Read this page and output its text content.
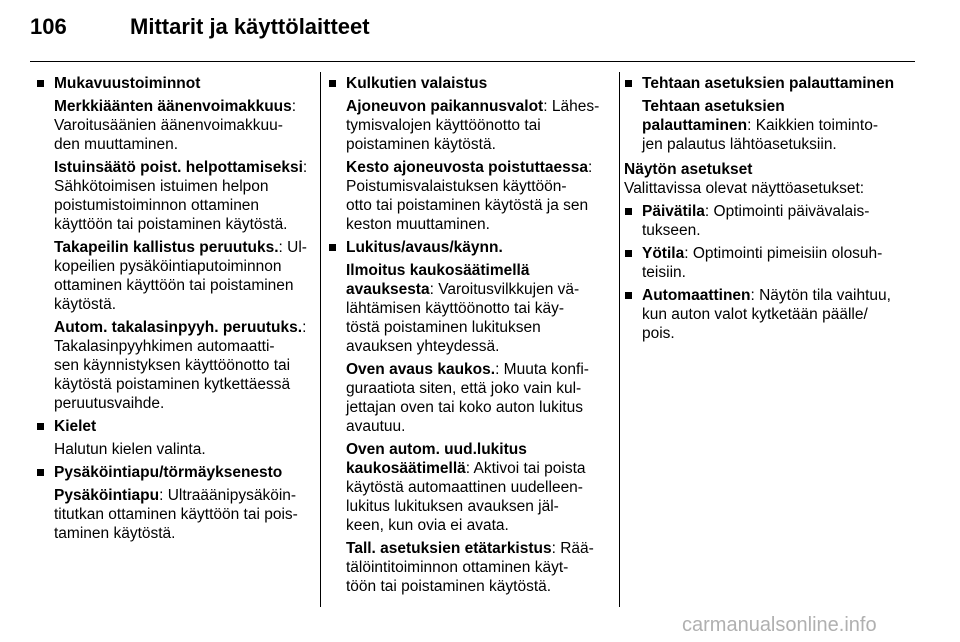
106	Mittarit ja käyttölaitteet
Mukavuustoiminnot
Merkkiäänten äänenvoimakkuus:
Varoitusäänien äänenvoimakkuu-
den muuttaminen.
Istuinsäätö poist. helpottamiseksi:
Sähkötoimisen istuimen helpon
poistumistoiminnon ottaminen
käyttöön tai poistaminen käytöstä.
Takapeilin kallistus peruutuks.: Ul-
kopeilien pysäköintiaputoiminnon
ottaminen käyttöön tai poistaminen
käytöstä.
Autom. takalasinpyyh. peruutuks.:
Takalasinpyyhkimen automaatti-
sen käynnistyksen käyttöönotto tai
käytöstä poistaminen kytkettäessä
peruutusvaihde.
Kielet
Halutun kielen valinta.
Pysäköintiapu/törmäyksenesto
Pysäköintiapu: Ultraäänipysäköin-
titutkan ottaminen käyttöön tai pois-
taminen käytöstä.
Kulkutien valaistus
Ajoneuvon paikannusvalot: Lähes-
tymisvalojen käyttöönotto tai
poistaminen käytöstä.
Kesto ajoneuvosta poistuttaessa:
Poistumisvalaistuksen käyttöön-
otto tai poistaminen käytöstä ja sen
keston muuttaminen.
Lukitus/avaus/käynn.
Ilmoitus kaukosäätimellä
avauksesta: Varoitusvilkkujen vä-
lähtämisen käyttöönotto tai käy-
töstä poistaminen lukituksen
avauksen yhteydessä.
Oven avaus kaukos.: Muuta konfi-
guraatiota siten, että joko vain kul-
jettajan oven tai koko auton lukitus
avautuu.
Oven autom. uud.lukitus
kaukosäätimellä: Aktivoi tai poista
käytöstä automaattinen uudelleen-
lukitus lukituksen avauksen jäl-
keen, kun ovia ei avata.
Tall. asetuksien etätarkistus: Rää-
tälöintitoiminnon ottaminen käyt-
töön tai poistaminen käytöstä.
Tehtaan asetuksien palauttaminen
Tehtaan asetuksien
palauttaminen: Kaikkien toiminto-
jen palautus lähtöasetuksiin.
Näytön asetukset
Valittavissa olevat näyttöasetukset:
Päivätila: Optimointi päivävalais-
tukseen.
Yötila: Optimointi pimeisiin olosuh-
teisiin.
Automaattinen: Näytön tila vaihtuu,
kun auton valot kytketään päälle/
pois.
carmanualsonline.info
